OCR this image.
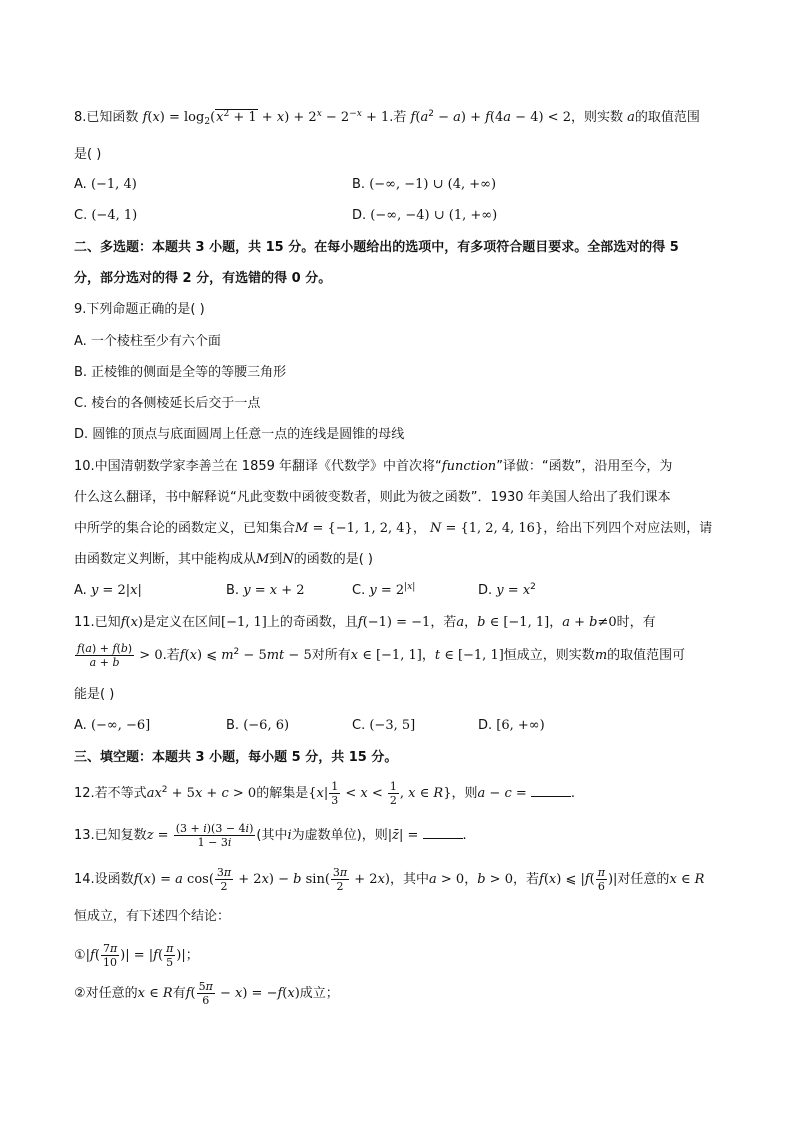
8.已知函数 $f(x) = \log_2(x^2 + 1 + x) + 2^x - 2^{-x} + 1$.若 $f(a^2 - a) + f(4a - 4) < 2$，则实数 a的取值范围
是( )
A. (−1, 4)	B. (−∞, −1) ∪ (4, +∞)
C. (−4, 1)	D. (−∞, −4) ∪ (1, +∞)
二、多选题：本题共 3 小题，共 15 分。在每小题给出的选项中，有多项符合题目要求。全部选对的得 5
分，部分选对的得 2 分，有选错的得 0 分。
9.下列命题正确的是( )
A. 一个棱柱至少有六个面
B. 正棱锥的侧面是全等的等腰三角形
C. 棱台的各侧棱延长后交于一点
D. 圆锥的顶点与底面圆周上任意一点的连线是圆锥的母线
10.中国清朝数学家李善兰在 1859 年翻译《代数学》中首次将“function”译做：“函数”，沿用至今，为
什么这么翻译，书中解释说“凡此变数中函彼变数者，则此为彼之函数”．1930 年美国人给出了我们课本
中所学的集合论的函数定义，已知集合M = {−1, 1, 2, 4}， N = {1, 2, 4, 16}，给出下列四个对应法则，请
由函数定义判断，其中能构成从M到N的函数的是( )
A. y = 2|x|	B. y = x + 2	C. $y = 2^{|x|}$	D. $y = x^2$
11.已知f(x)是定义在区间[−1, 1]上的奇函数，且f(−1) = −1，若a，b ∈ [−1, 1]，a + b≠0时，有
$\frac{f(a) + f(b)}{a + b} > 0$.若f(x) ⩽ $m^2 - 5mt - 5$对所有x ∈ [−1, 1]，t ∈ [−1, 1]恒成立，则实数m的取值范围可
能是( )
A. (−∞, −6]	B. (−6, 6)	C. (−3, 5]	D. [6, +∞)
三、填空题：本题共 3 小题，每小题 5 分，共 15 分。
12.若不等式$ax^2 + 5x + c > 0$的解集是{$x| \frac{1}{3} < x < \frac{1}{2}$ , x ∈ R}，则a − c =	.
13.已知复数$z = \frac{(3 + i)(3 - 4i)}{1 - 3i}$ (其中i为虚数单位)，则|z̄| =	.
14.设函数f(x) = a $\cos( \frac{3\pi}{2} + 2x) - b$ $\sin( \frac{3\pi}{2} + 2x)$，其中a > 0，b > 0，若f(x) ⩽ $|f( \frac{\pi}{6}$ )|对任意的x ∈ R
恒成立，有下述四个结论：
①|f( $\frac{7\pi}{10}$ )| = $|f( \frac{\pi}{5}$ )|；
②对任意的x ∈ R有$f( \frac{5\pi}{6} - x) = -f(x)$成立；
